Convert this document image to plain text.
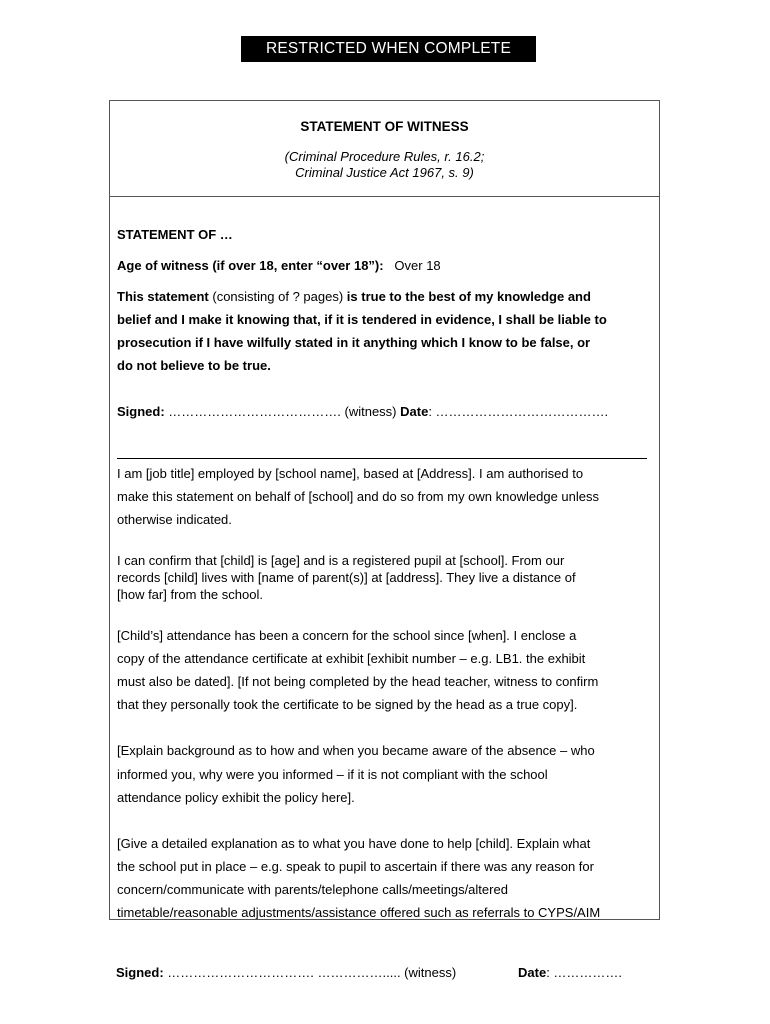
RESTRICTED WHEN COMPLETE
STATEMENT OF WITNESS
(Criminal Procedure Rules, r. 16.2;
Criminal Justice Act 1967, s. 9)
STATEMENT OF …
Age of witness (if over 18, enter “over 18”): Over 18
This statement (consisting of ? pages) is true to the best of my knowledge and
belief and I make it knowing that, if it is tendered in evidence, I shall be liable to
prosecution if I have wilfully stated in it anything which I know to be false, or
do not believe to be true.
Signed: …………………………………. (witness) Date: ………………………………….
I am [job title] employed by [school name], based at [Address]. I am authorised to
make this statement on behalf of [school] and do so from my own knowledge unless
otherwise indicated.
I can confirm that [child] is [age] and is a registered pupil at [school]. From our
records [child] lives with [name of parent(s)] at [address]. They live a distance of
[how far] from the school.
[Child’s] attendance has been a concern for the school since [when]. I enclose a
copy of the attendance certificate at exhibit [exhibit number – e.g. LB1. the exhibit
must also be dated]. [If not being completed by the head teacher, witness to confirm
that they personally took the certificate to be signed by the head as a true copy].
[Explain background as to how and when you became aware of the absence – who
informed you, why were you informed – if it is not compliant with the school
attendance policy exhibit the policy here].
[Give a detailed explanation as to what you have done to help [child]. Explain what
the school put in place – e.g. speak to pupil to ascertain if there was any reason for
concern/communicate with parents/telephone calls/meetings/altered
timetable/reasonable adjustments/assistance offered such as referrals to CYPS/AIM
Signed: ……………………………. ……………..... (witness)	Date: …………….
